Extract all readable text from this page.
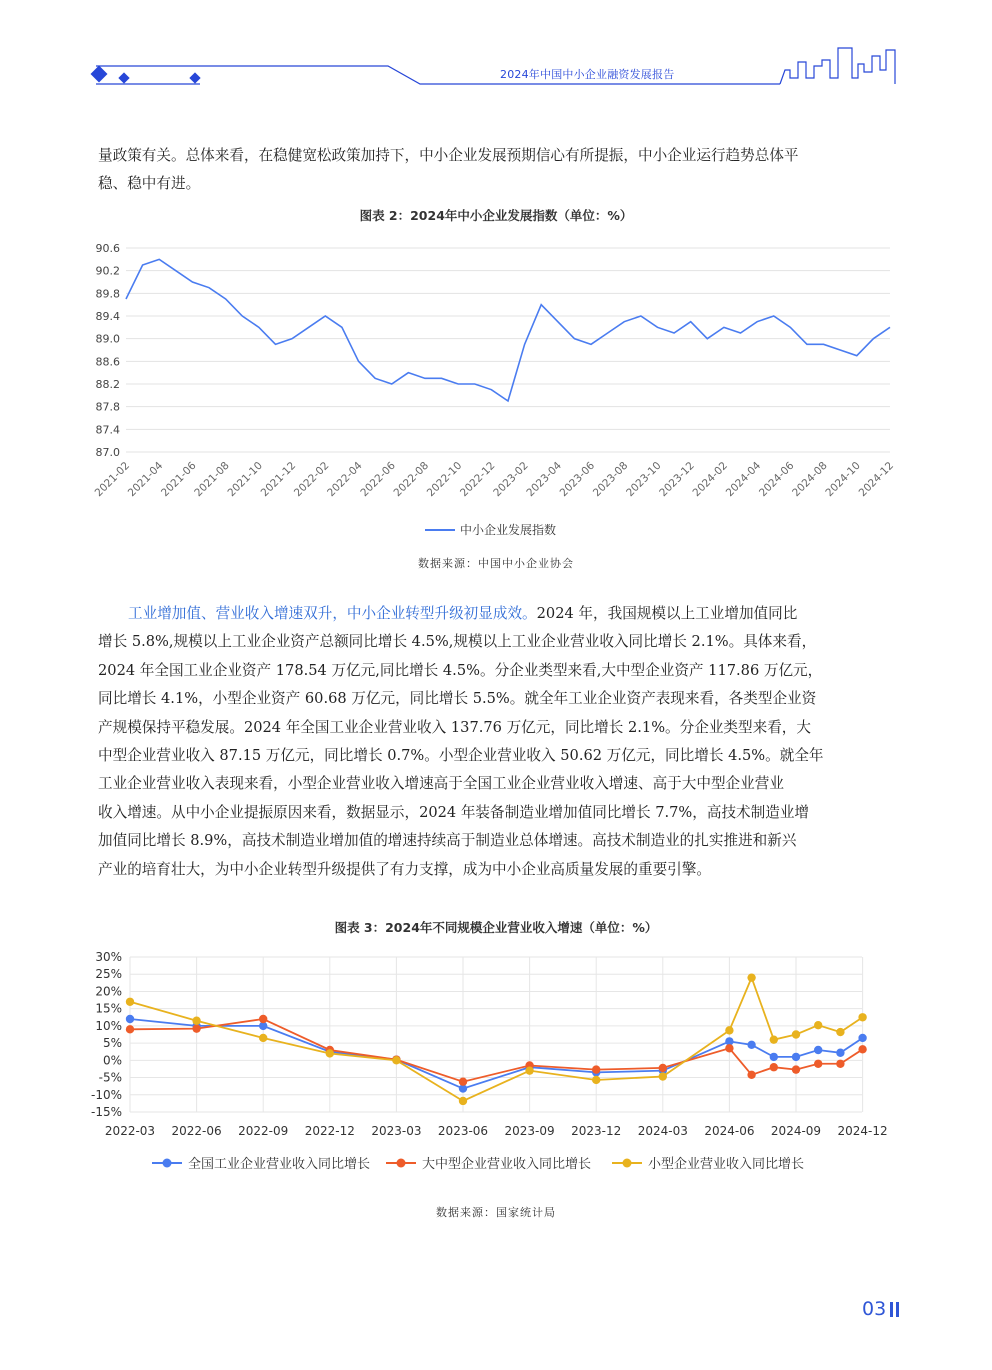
2024年中国中小企业融资发展报告
量政策有关。总体来看，在稳健宽松政策加持下，中小企业发展预期信心有所提振，中小企业运行趋势总体平
稳、稳中有进。
图表 2：2024年中小企业发展指数（单位：%）
90.6
90.2
89.8
89.4
89.0
88.6
88.2
87.8
87.4
87.0
2021-02
2021-04
2021-06
2021-08
2021-10
2021-12
2022-02
2022-04
2022-06
2022-08
2022-10
2022-12
2023-02
2023-04
2023-06
2023-08
2023-10
2023-12
2024-02
2024-04
2024-06
2024-08
2024-10
2024-12
中小企业发展指数
数据来源：中国中小企业协会
工业增加值、营业收入增速双升，中小企业转型升级初显成效。2024 年，我国规模以上工业增加值同比
增长 5.8%,规模以上工业企业资产总额同比增长 4.5%,规模以上工业企业营业收入同比增长 2.1%。具体来看，
2024 年全国工业企业资产 178.54 万亿元,同比增长 4.5%。分企业类型来看,大中型企业资产 117.86 万亿元，
同比增长 4.1%，小型企业资产 60.68 万亿元，同比增长 5.5%。就全年工业企业资产表现来看，各类型企业资
产规模保持平稳发展。2024 年全国工业企业营业收入 137.76 万亿元，同比增长 2.1%。分企业类型来看，大
中型企业营业收入 87.15 万亿元，同比增长 0.7%。小型企业营业收入 50.62 万亿元，同比增长 4.5%。就全年
工业企业营业收入表现来看，小型企业营业收入增速高于全国工业企业营业收入增速、高于大中型企业营业
收入增速。从中小企业提振原因来看，数据显示，2024 年装备制造业增加值同比增长 7.7%，高技术制造业增
加值同比增长 8.9%，高技术制造业增加值的增速持续高于制造业总体增速。高技术制造业的扎实推进和新兴
产业的培育壮大，为中小企业转型升级提供了有力支撑，成为中小企业高质量发展的重要引擎。
图表 3：2024年不同规模企业营业收入增速（单位：%）
30%
25%
20%
15%
10%
5%
0%
-5%
-10%
-15%
2022-03 2022-06 2022-09 2022-12 2023-03 2023-06 2023-09 2023-12 2024-03 2024-06 2024-09 2024-12
全国工业企业营业收入同比增长	大中型企业营业收入同比增长	小型企业营业收入同比增长
数据来源：国家统计局
03
